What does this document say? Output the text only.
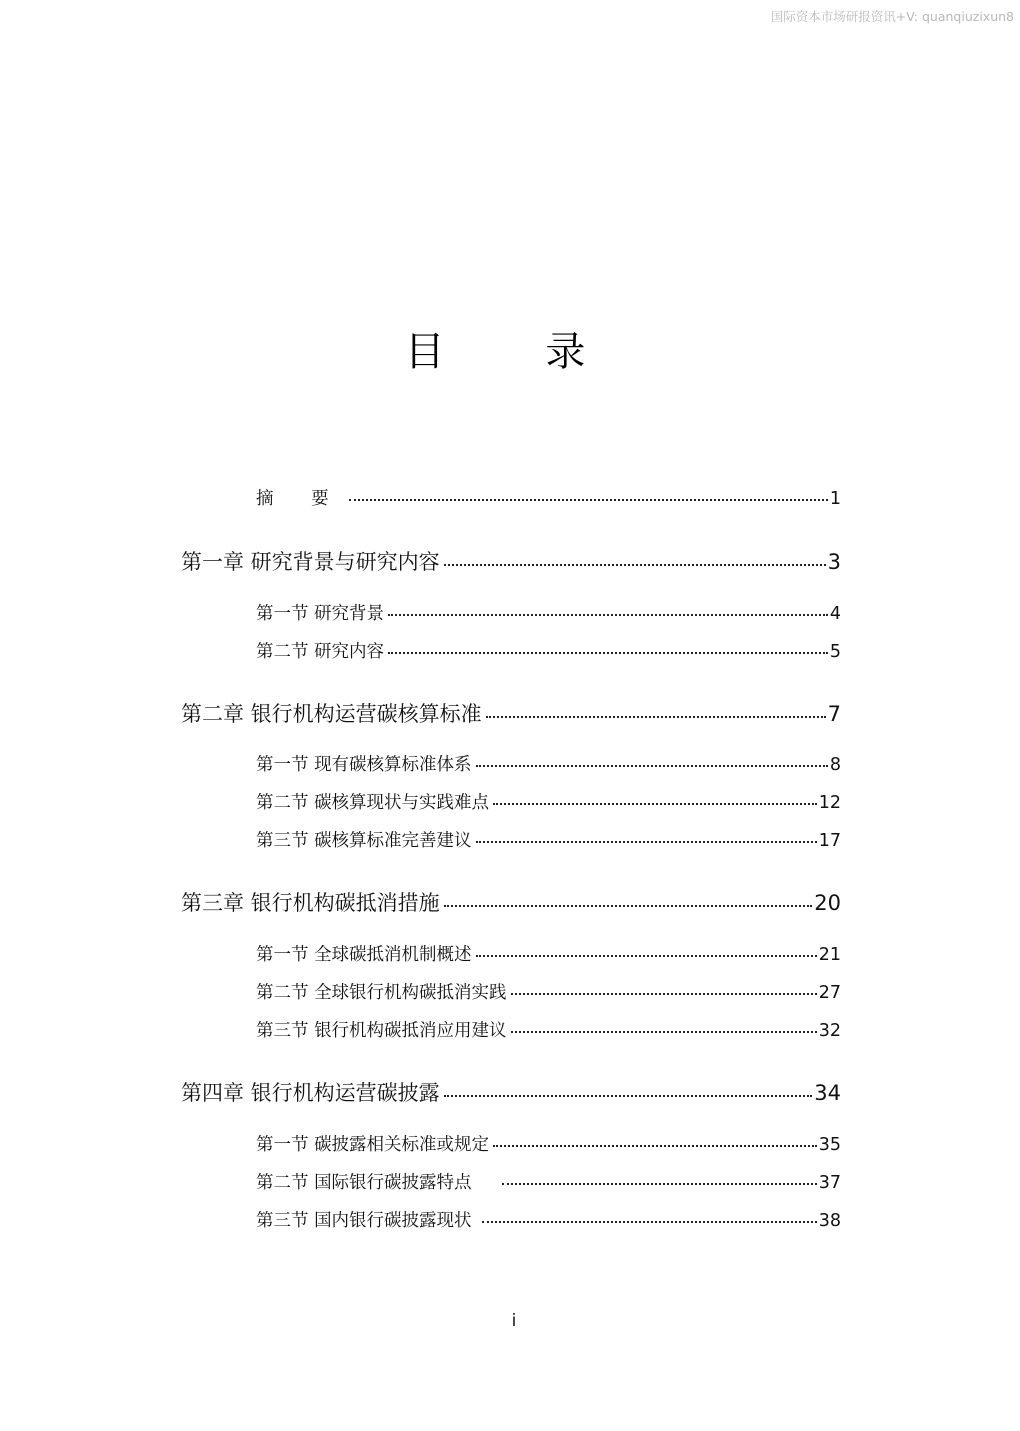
国际资本市场研报资讯+V: quanqiuzixun8
目 录
摘 要	1
第一章 研究背景与研究内容	3
第一节 研究背景	4
第二节 研究内容	5
第二章 银行机构运营碳核算标准	7
第一节 现有碳核算标准体系	8
第二节 碳核算现状与实践难点	12
第三节 碳核算标准完善建议	17
第三章 银行机构碳抵消措施	20
第一节 全球碳抵消机制概述	21
第二节 全球银行机构碳抵消实践	27
第三节 银行机构碳抵消应用建议	32
第四章 银行机构运营碳披露	34
第一节 碳披露相关标准或规定	35
第二节 国际银行碳披露特点	37
第三节 国内银行碳披露现状	38
i
